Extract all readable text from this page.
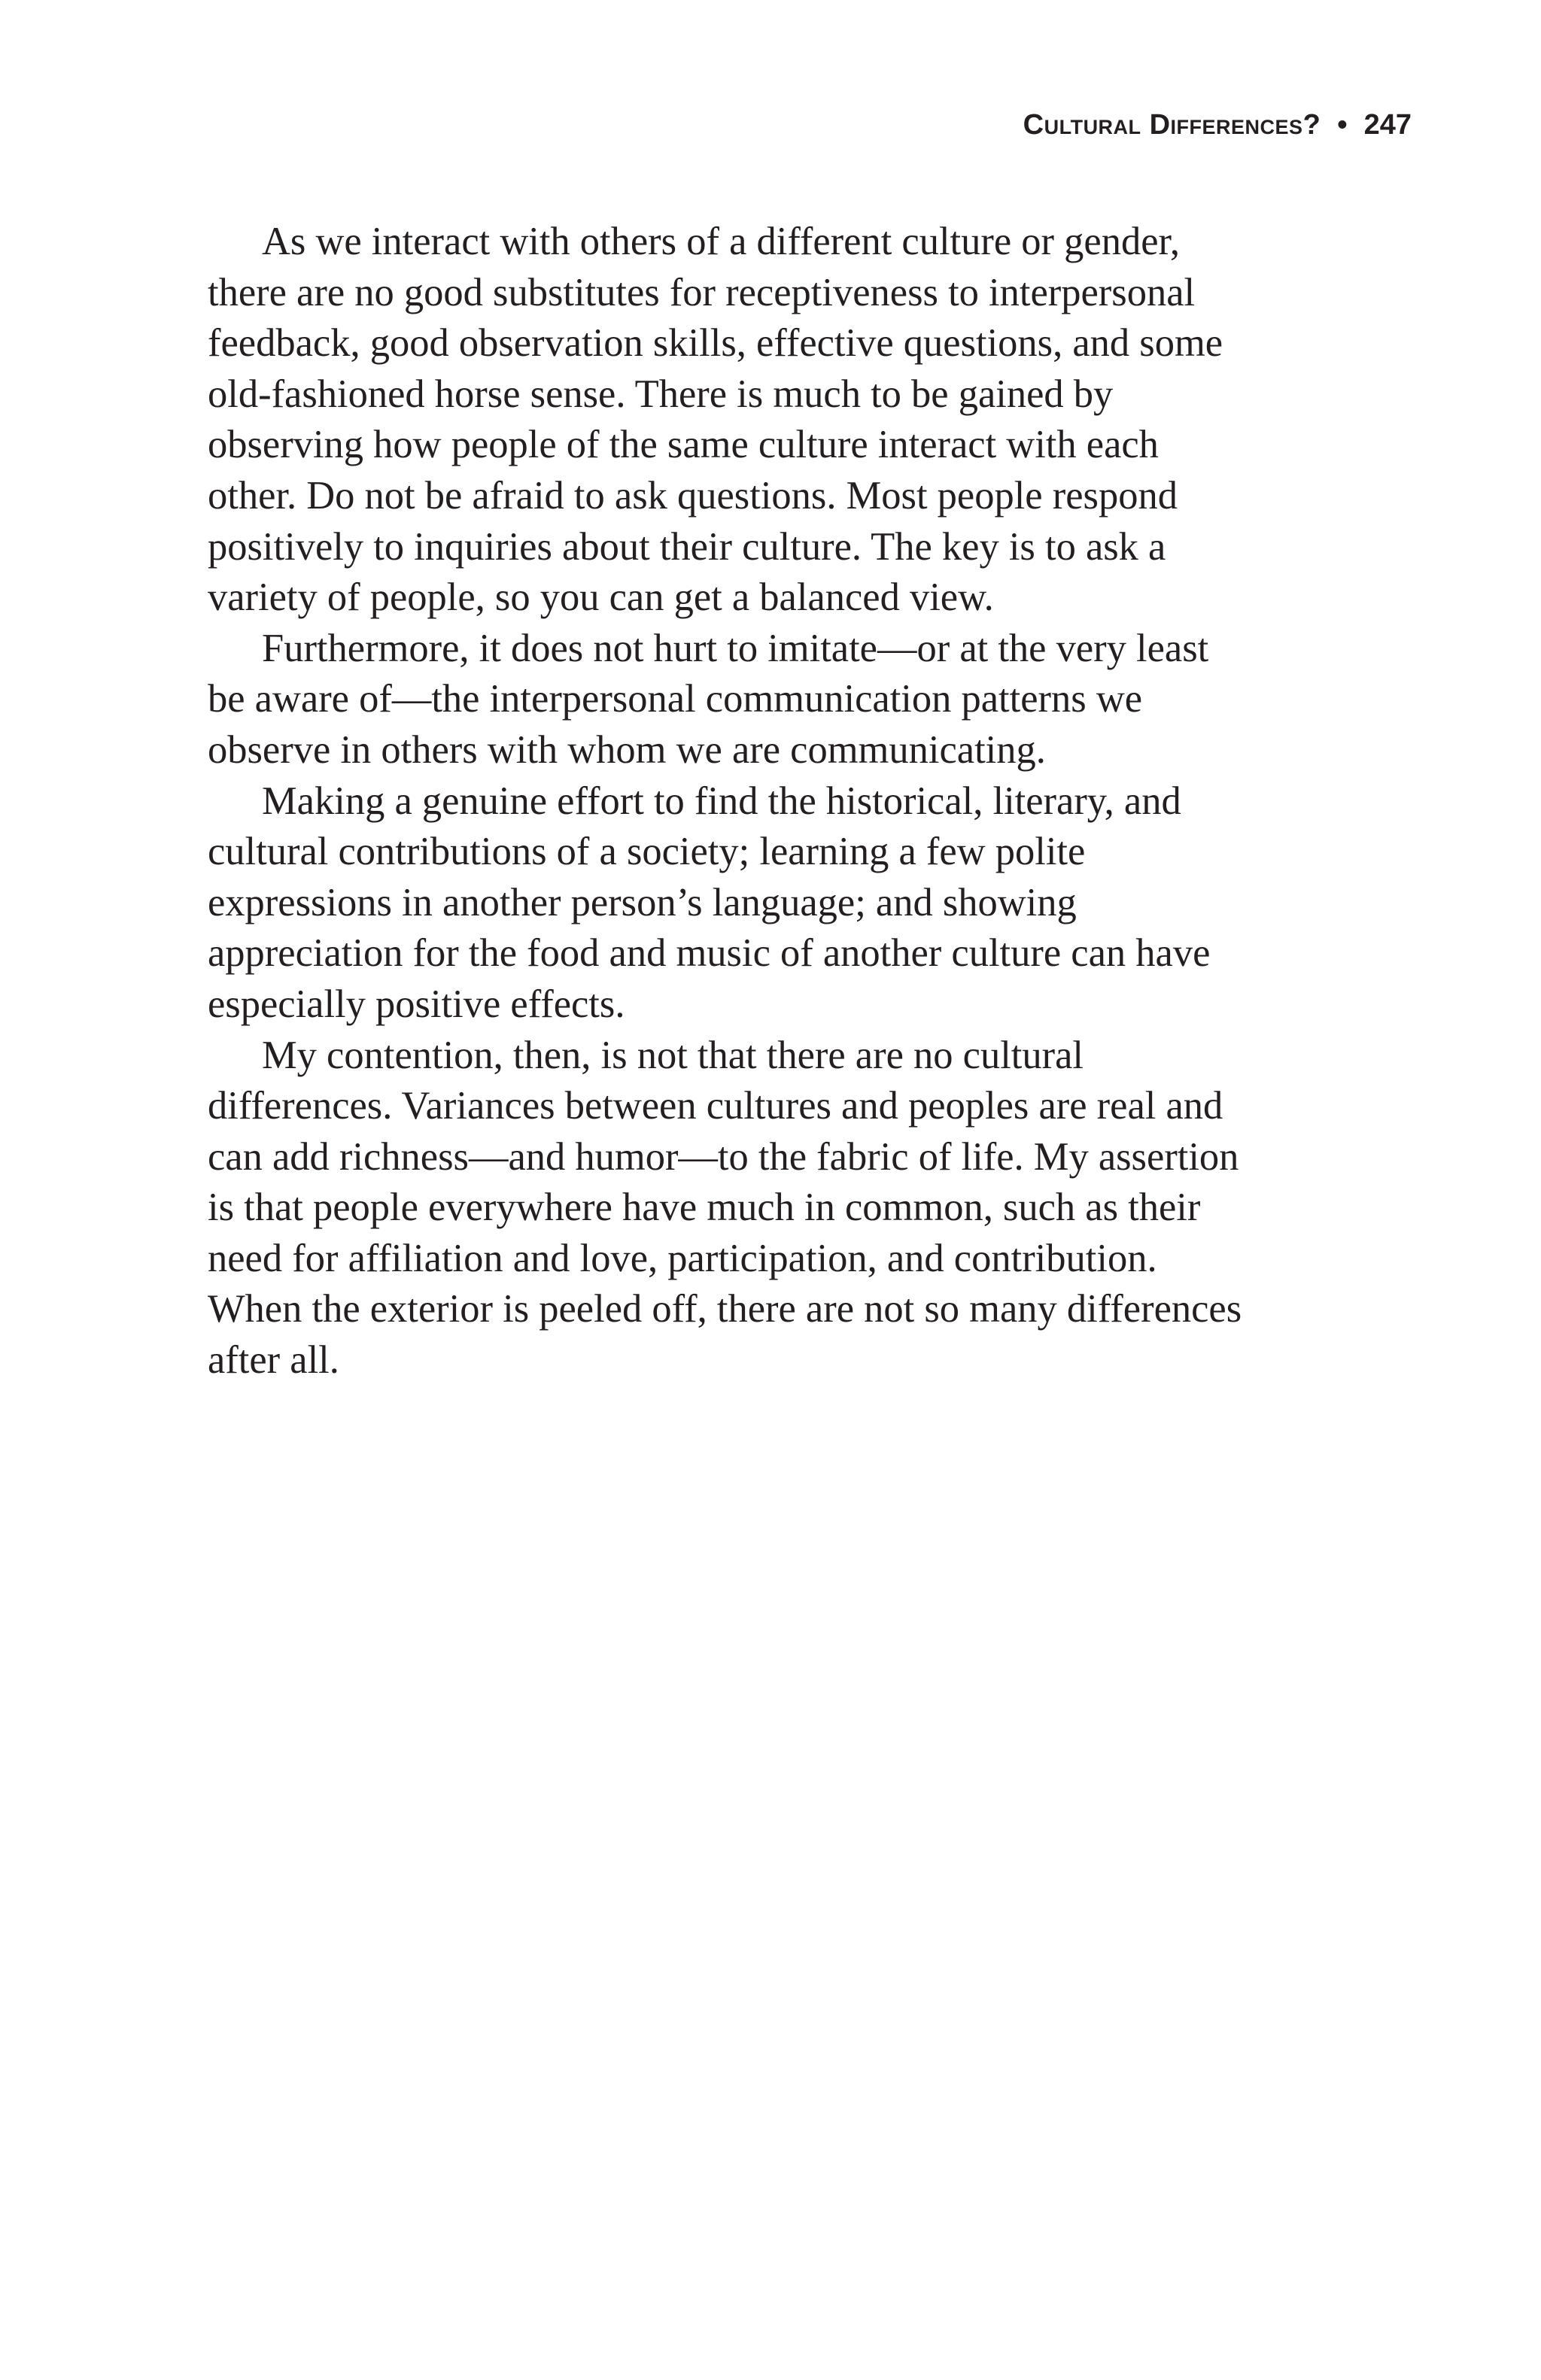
Cultural Differences? • 247
As we interact with others of a different culture or gender,
there are no good substitutes for receptiveness to interpersonal
feedback, good observation skills, effective questions, and some
old-fashioned horse sense. There is much to be gained by
observing how people of the same culture interact with each
other. Do not be afraid to ask questions. Most people respond
positively to inquiries about their culture. The key is to ask a
variety of people, so you can get a balanced view.
Furthermore, it does not hurt to imitate—or at the very least
be aware of—the interpersonal communication patterns we
observe in others with whom we are communicating.
Making a genuine effort to find the historical, literary, and
cultural contributions of a society; learning a few polite
expressions in another person’s language; and showing
appreciation for the food and music of another culture can have
especially positive effects.
My contention, then, is not that there are no cultural
differences. Variances between cultures and peoples are real and
can add richness—and humor—to the fabric of life. My assertion
is that people everywhere have much in common, such as their
need for affiliation and love, participation, and contribution.
When the exterior is peeled off, there are not so many differences
after all.
